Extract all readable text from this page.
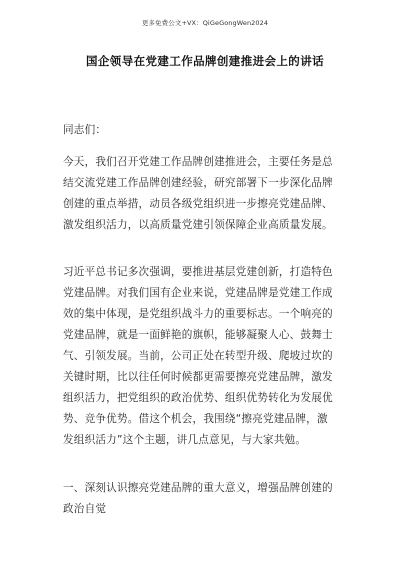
更多免费公文+VX：QiGeGongWen2024
国企领导在党建工作品牌创建推进会上的讲话

同志们：

今天，我们召开党建工作品牌创建推进会，主要任务是总
结交流党建工作品牌创建经验，研究部署下一步深化品牌
创建的重点举措，动员各级党组织进一步擦亮党建品牌、
激发组织活力，以高质量党建引领保障企业高质量发展。

习近平总书记多次强调，要推进基层党建创新，打造特色
党建品牌。对我们国有企业来说，党建品牌是党建工作成
效的集中体现，是党组织战斗力的重要标志。一个响亮的
党建品牌，就是一面鲜艳的旗帜，能够凝聚人心、鼓舞士
气、引领发展。当前，公司正处在转型升级、爬坡过坎的
关键时期，比以往任何时候都更需要擦亮党建品牌，激发
组织活力，把党组织的政治优势、组织优势转化为发展优
势、竞争优势。借这个机会，我围绕“擦亮党建品牌，激
发组织活力”这个主题，讲几点意见，与大家共勉。

一、深刻认识擦亮党建品牌的重大意义，增强品牌创建的
政治自觉
